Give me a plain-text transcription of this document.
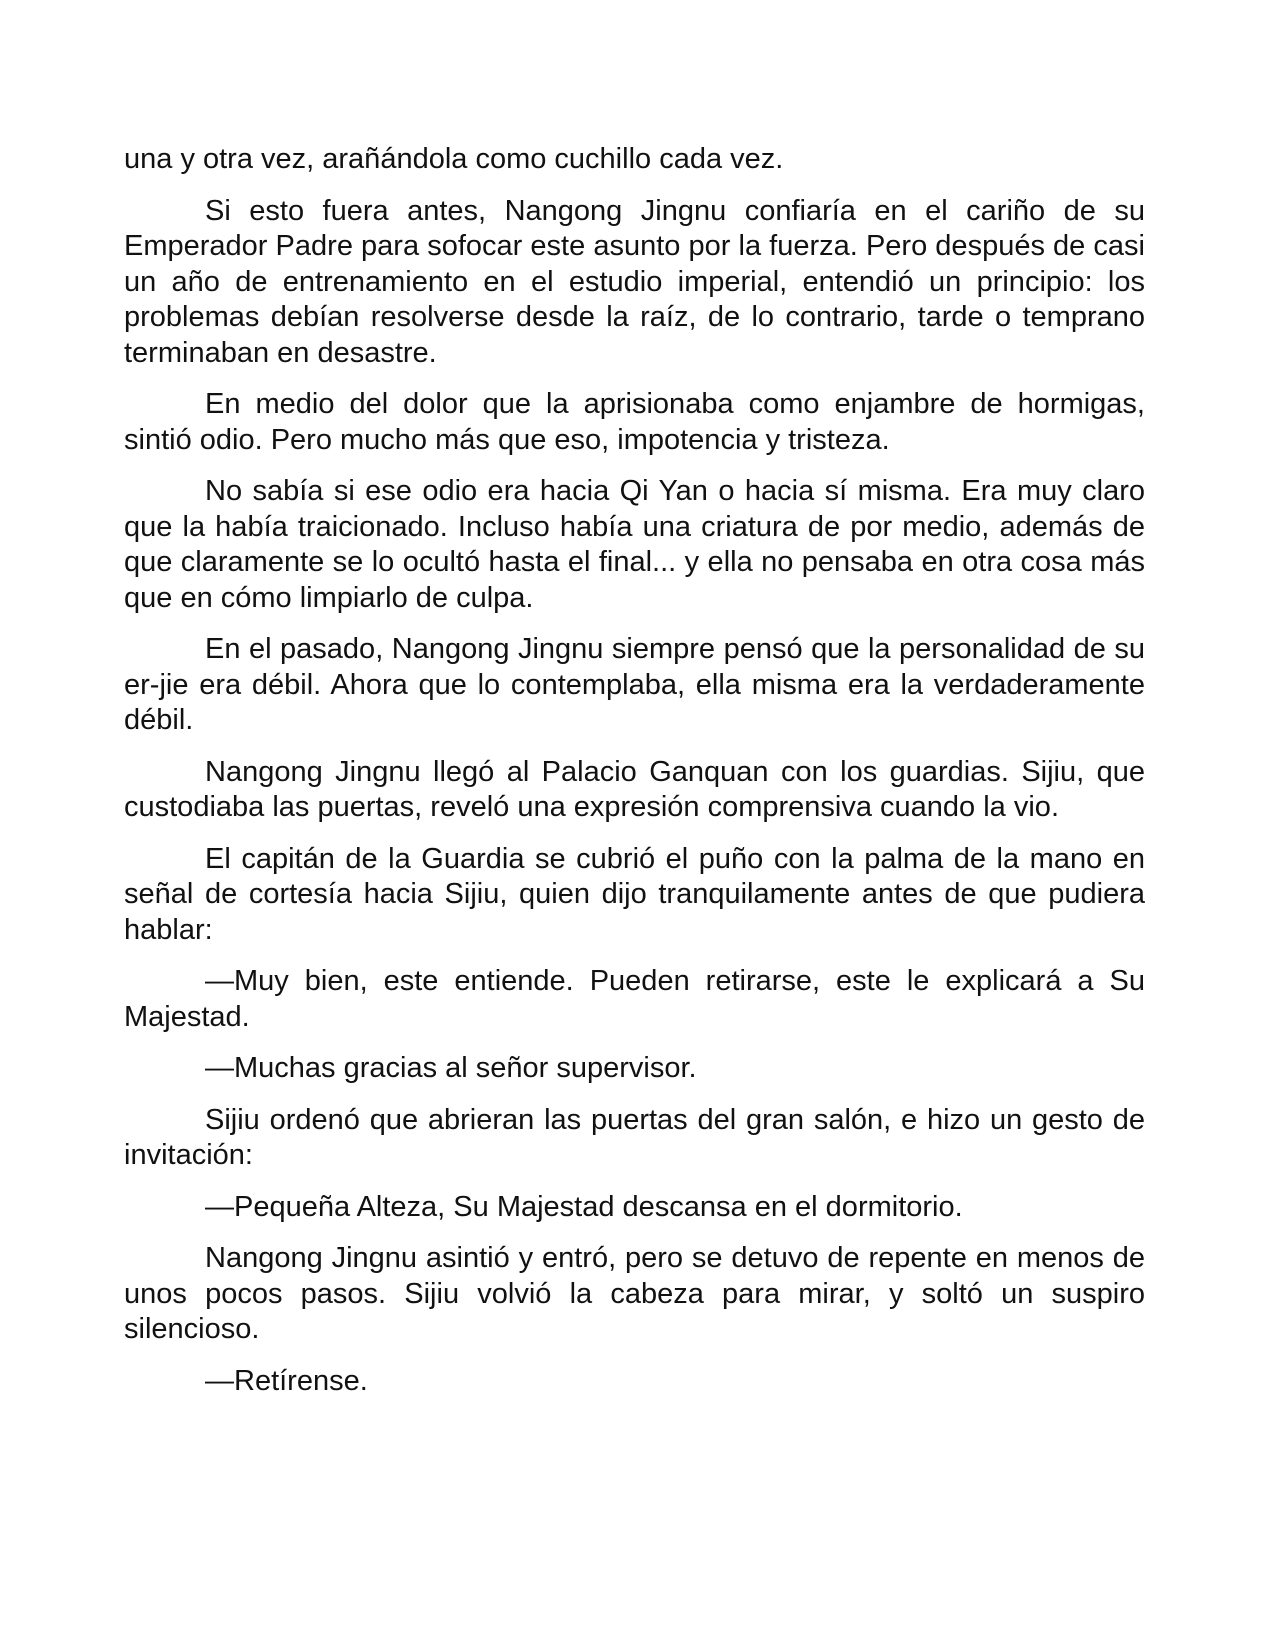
una y otra vez, arañándola como cuchillo cada vez.

Si esto fuera antes, Nangong Jingnu confiaría en el cariño de su Emperador Padre para sofocar este asunto por la fuerza. Pero después de casi un año de entrenamiento en el estudio imperial, entendió un principio: los problemas debían resolverse desde la raíz, de lo contrario, tarde o temprano terminaban en desastre.

En medio del dolor que la aprisionaba como enjambre de hormigas, sintió odio. Pero mucho más que eso, impotencia y tristeza.

No sabía si ese odio era hacia Qi Yan o hacia sí misma. Era muy claro que la había traicionado. Incluso había una criatura de por medio, además de que claramente se lo ocultó hasta el final... y ella no pensaba en otra cosa más que en cómo limpiarlo de culpa.

En el pasado, Nangong Jingnu siempre pensó que la personalidad de su er-jie era débil. Ahora que lo contemplaba, ella misma era la verdaderamente débil.

Nangong Jingnu llegó al Palacio Ganquan con los guardias. Sijiu, que custodiaba las puertas, reveló una expresión comprensiva cuando la vio.

El capitán de la Guardia se cubrió el puño con la palma de la mano en señal de cortesía hacia Sijiu, quien dijo tranquilamente antes de que pudiera hablar:

—Muy bien, este entiende. Pueden retirarse, este le explicará a Su Majestad.

—Muchas gracias al señor supervisor.

Sijiu ordenó que abrieran las puertas del gran salón, e hizo un gesto de invitación:

—Pequeña Alteza, Su Majestad descansa en el dormitorio.

Nangong Jingnu asintió y entró, pero se detuvo de repente en menos de unos pocos pasos. Sijiu volvió la cabeza para mirar, y soltó un suspiro silencioso.

—Retírense.
